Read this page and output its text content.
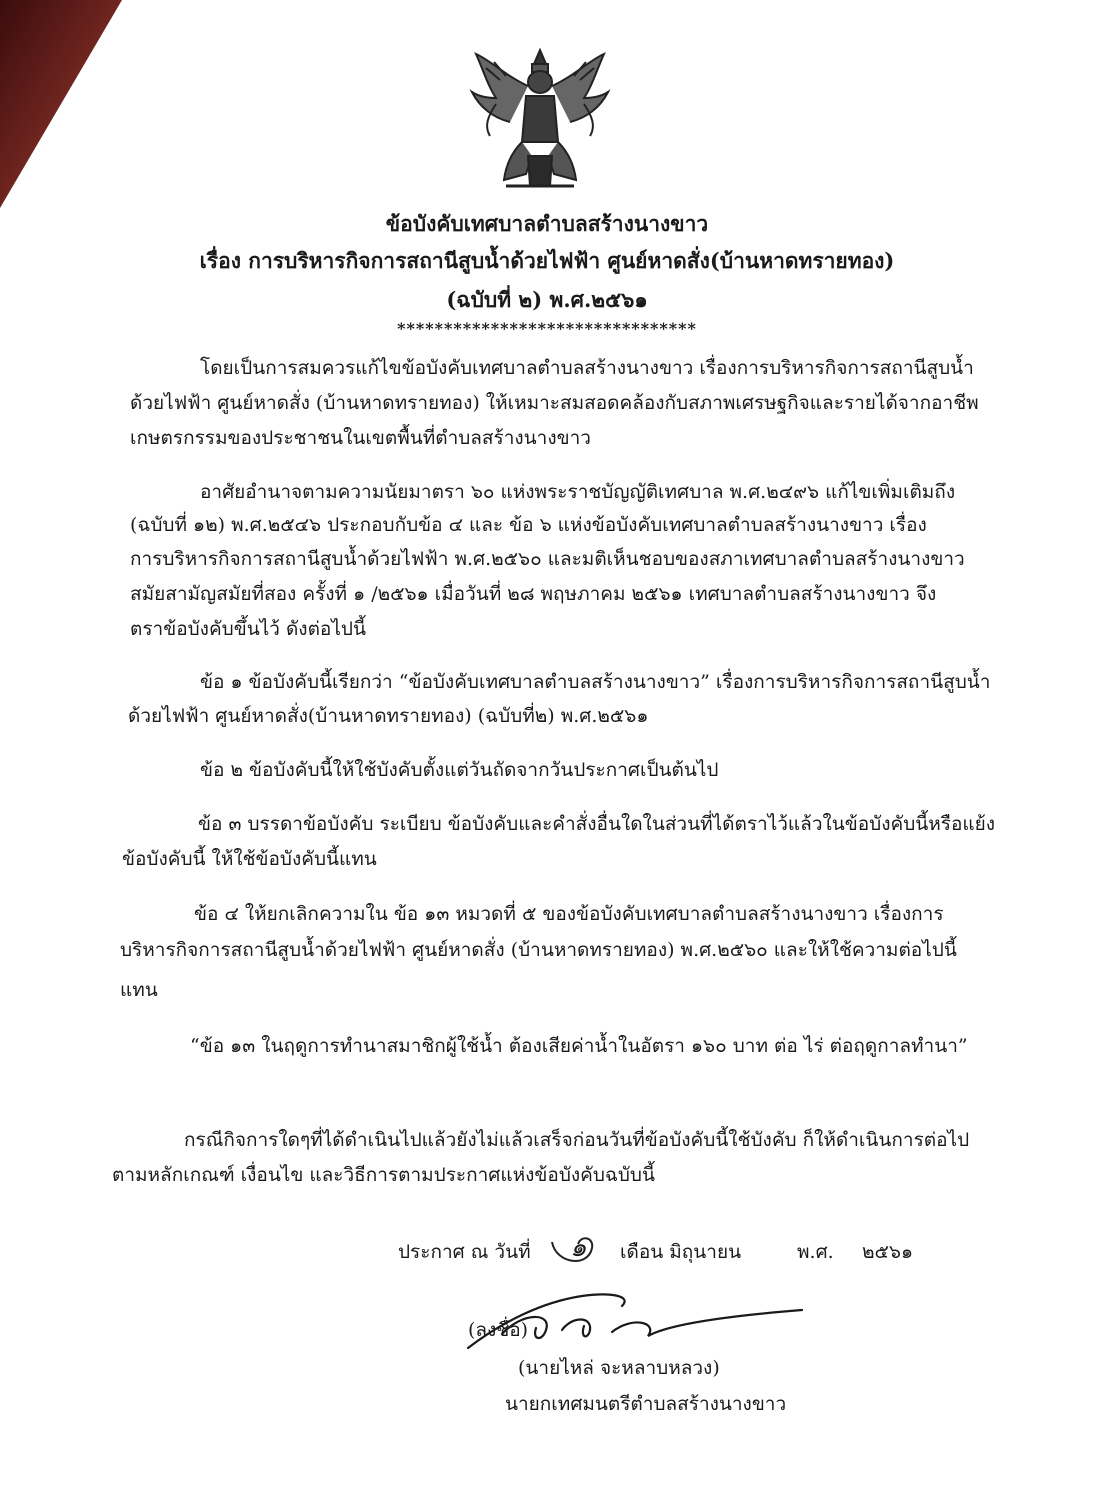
ข้อบังคับเทศบาลตำบลสร้างนางขาว
เรื่อง การบริหารกิจการสถานีสูบน้ำด้วยไฟฟ้า ศูนย์หาดสั่ง(บ้านหาดทรายทอง)
(ฉบับที่ ๒) พ.ศ.๒๕๖๑
********************************
โดยเป็นการสมควรแก้ไขข้อบังคับเทศบาลตำบลสร้างนางขาว เรื่องการบริหารกิจการสถานีสูบน้ำ
ด้วยไฟฟ้า ศูนย์หาดสั่ง (บ้านหาดทรายทอง) ให้เหมาะสมสอดคล้องกับสภาพเศรษฐกิจและรายได้จากอาชีพ
เกษตรกรรมของประชาชนในเขตพื้นที่ตำบลสร้างนางขาว
อาศัยอำนาจตามความนัยมาตรา ๖๐ แห่งพระราชบัญญัติเทศบาล พ.ศ.๒๔๙๖ แก้ไขเพิ่มเติมถึง
(ฉบับที่ ๑๒) พ.ศ.๒๕๔๖ ประกอบกับข้อ ๔ และ ข้อ ๖ แห่งข้อบังคับเทศบาลตำบลสร้างนางขาว เรื่อง
การบริหารกิจการสถานีสูบน้ำด้วยไฟฟ้า พ.ศ.๒๕๖๐ และมติเห็นชอบของสภาเทศบาลตำบลสร้างนางขาว
สมัยสามัญสมัยที่สอง ครั้งที่ ๑ /๒๕๖๑ เมื่อวันที่ ๒๘ พฤษภาคม ๒๕๖๑ เทศบาลตำบลสร้างนางขาว จึง
ตราข้อบังคับขึ้นไว้ ดังต่อไปนี้
ข้อ ๑ ข้อบังคับนี้เรียกว่า “ข้อบังคับเทศบาลตำบลสร้างนางขาว” เรื่องการบริหารกิจการสถานีสูบน้ำ
ด้วยไฟฟ้า ศูนย์หาดสั่ง(บ้านหาดทรายทอง) (ฉบับที่๒) พ.ศ.๒๕๖๑
ข้อ ๒ ข้อบังคับนี้ให้ใช้บังคับตั้งแต่วันถัดจากวันประกาศเป็นต้นไป
ข้อ ๓ บรรดาข้อบังคับ ระเบียบ ข้อบังคับและคำสั่งอื่นใดในส่วนที่ได้ตราไว้แล้วในข้อบังคับนี้หรือแย้ง
ข้อบังคับนี้ ให้ใช้ข้อบังคับนี้แทน
ข้อ ๔ ให้ยกเลิกความใน ข้อ ๑๓ หมวดที่ ๕ ของข้อบังคับเทศบาลตำบลสร้างนางขาว เรื่องการ
บริหารกิจการสถานีสูบน้ำด้วยไฟฟ้า ศูนย์หาดสั่ง (บ้านหาดทรายทอง) พ.ศ.๒๕๖๐ และให้ใช้ความต่อไปนี้
แทน
“ข้อ ๑๓ ในฤดูการทำนาสมาชิกผู้ใช้น้ำ ต้องเสียค่าน้ำในอัตรา ๑๖๐ บาท ต่อ ไร่ ต่อฤดูกาลทำนา”
กรณีกิจการใดๆที่ได้ดำเนินไปแล้วยังไม่แล้วเสร็จก่อนวันที่ข้อบังคับนี้ใช้บังคับ ก็ให้ดำเนินการต่อไป
ตามหลักเกณฑ์ เงื่อนไข และวิธีการตามประกาศแห่งข้อบังคับฉบับนี้
ประกาศ ณ วันที่ ๑ เดือน มิถุนายน	พ.ศ. ๒๕๖๑
(ลงชื่อ)
(นายไหล่ จะหลาบหลวง)
นายกเทศมนตรีตำบลสร้างนางขาว
